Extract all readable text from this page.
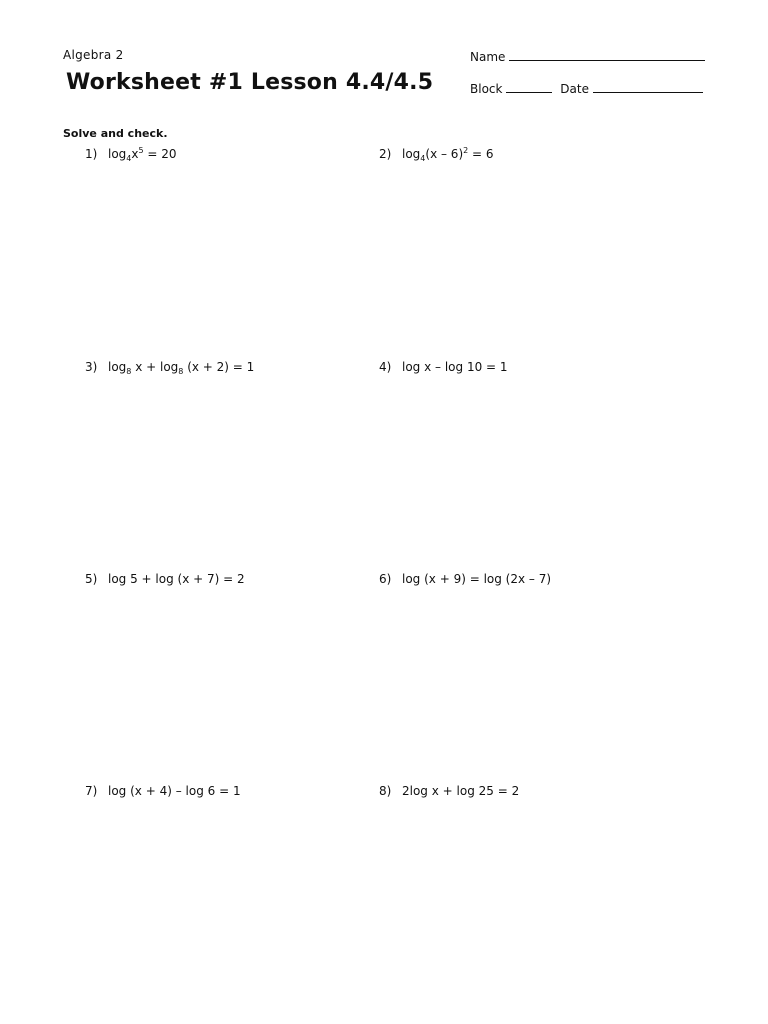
Algebra 2
Worksheet #1 Lesson 4.4/4.5
Name
Block	Date
Solve and check.
1) $\log_4x^5 = 20$	2) $\log_4(x - 6)^2 = 6$
3) $\log_8 x + \log_8 (x + 2) = 1$	4) log x – log 10 = 1
5) log 5 + log (x + 7) = 2	6) log (x + 9) = log (2x – 7)
7) log (x + 4) – log 6 = 1	8) 2log x + log 25 = 2
